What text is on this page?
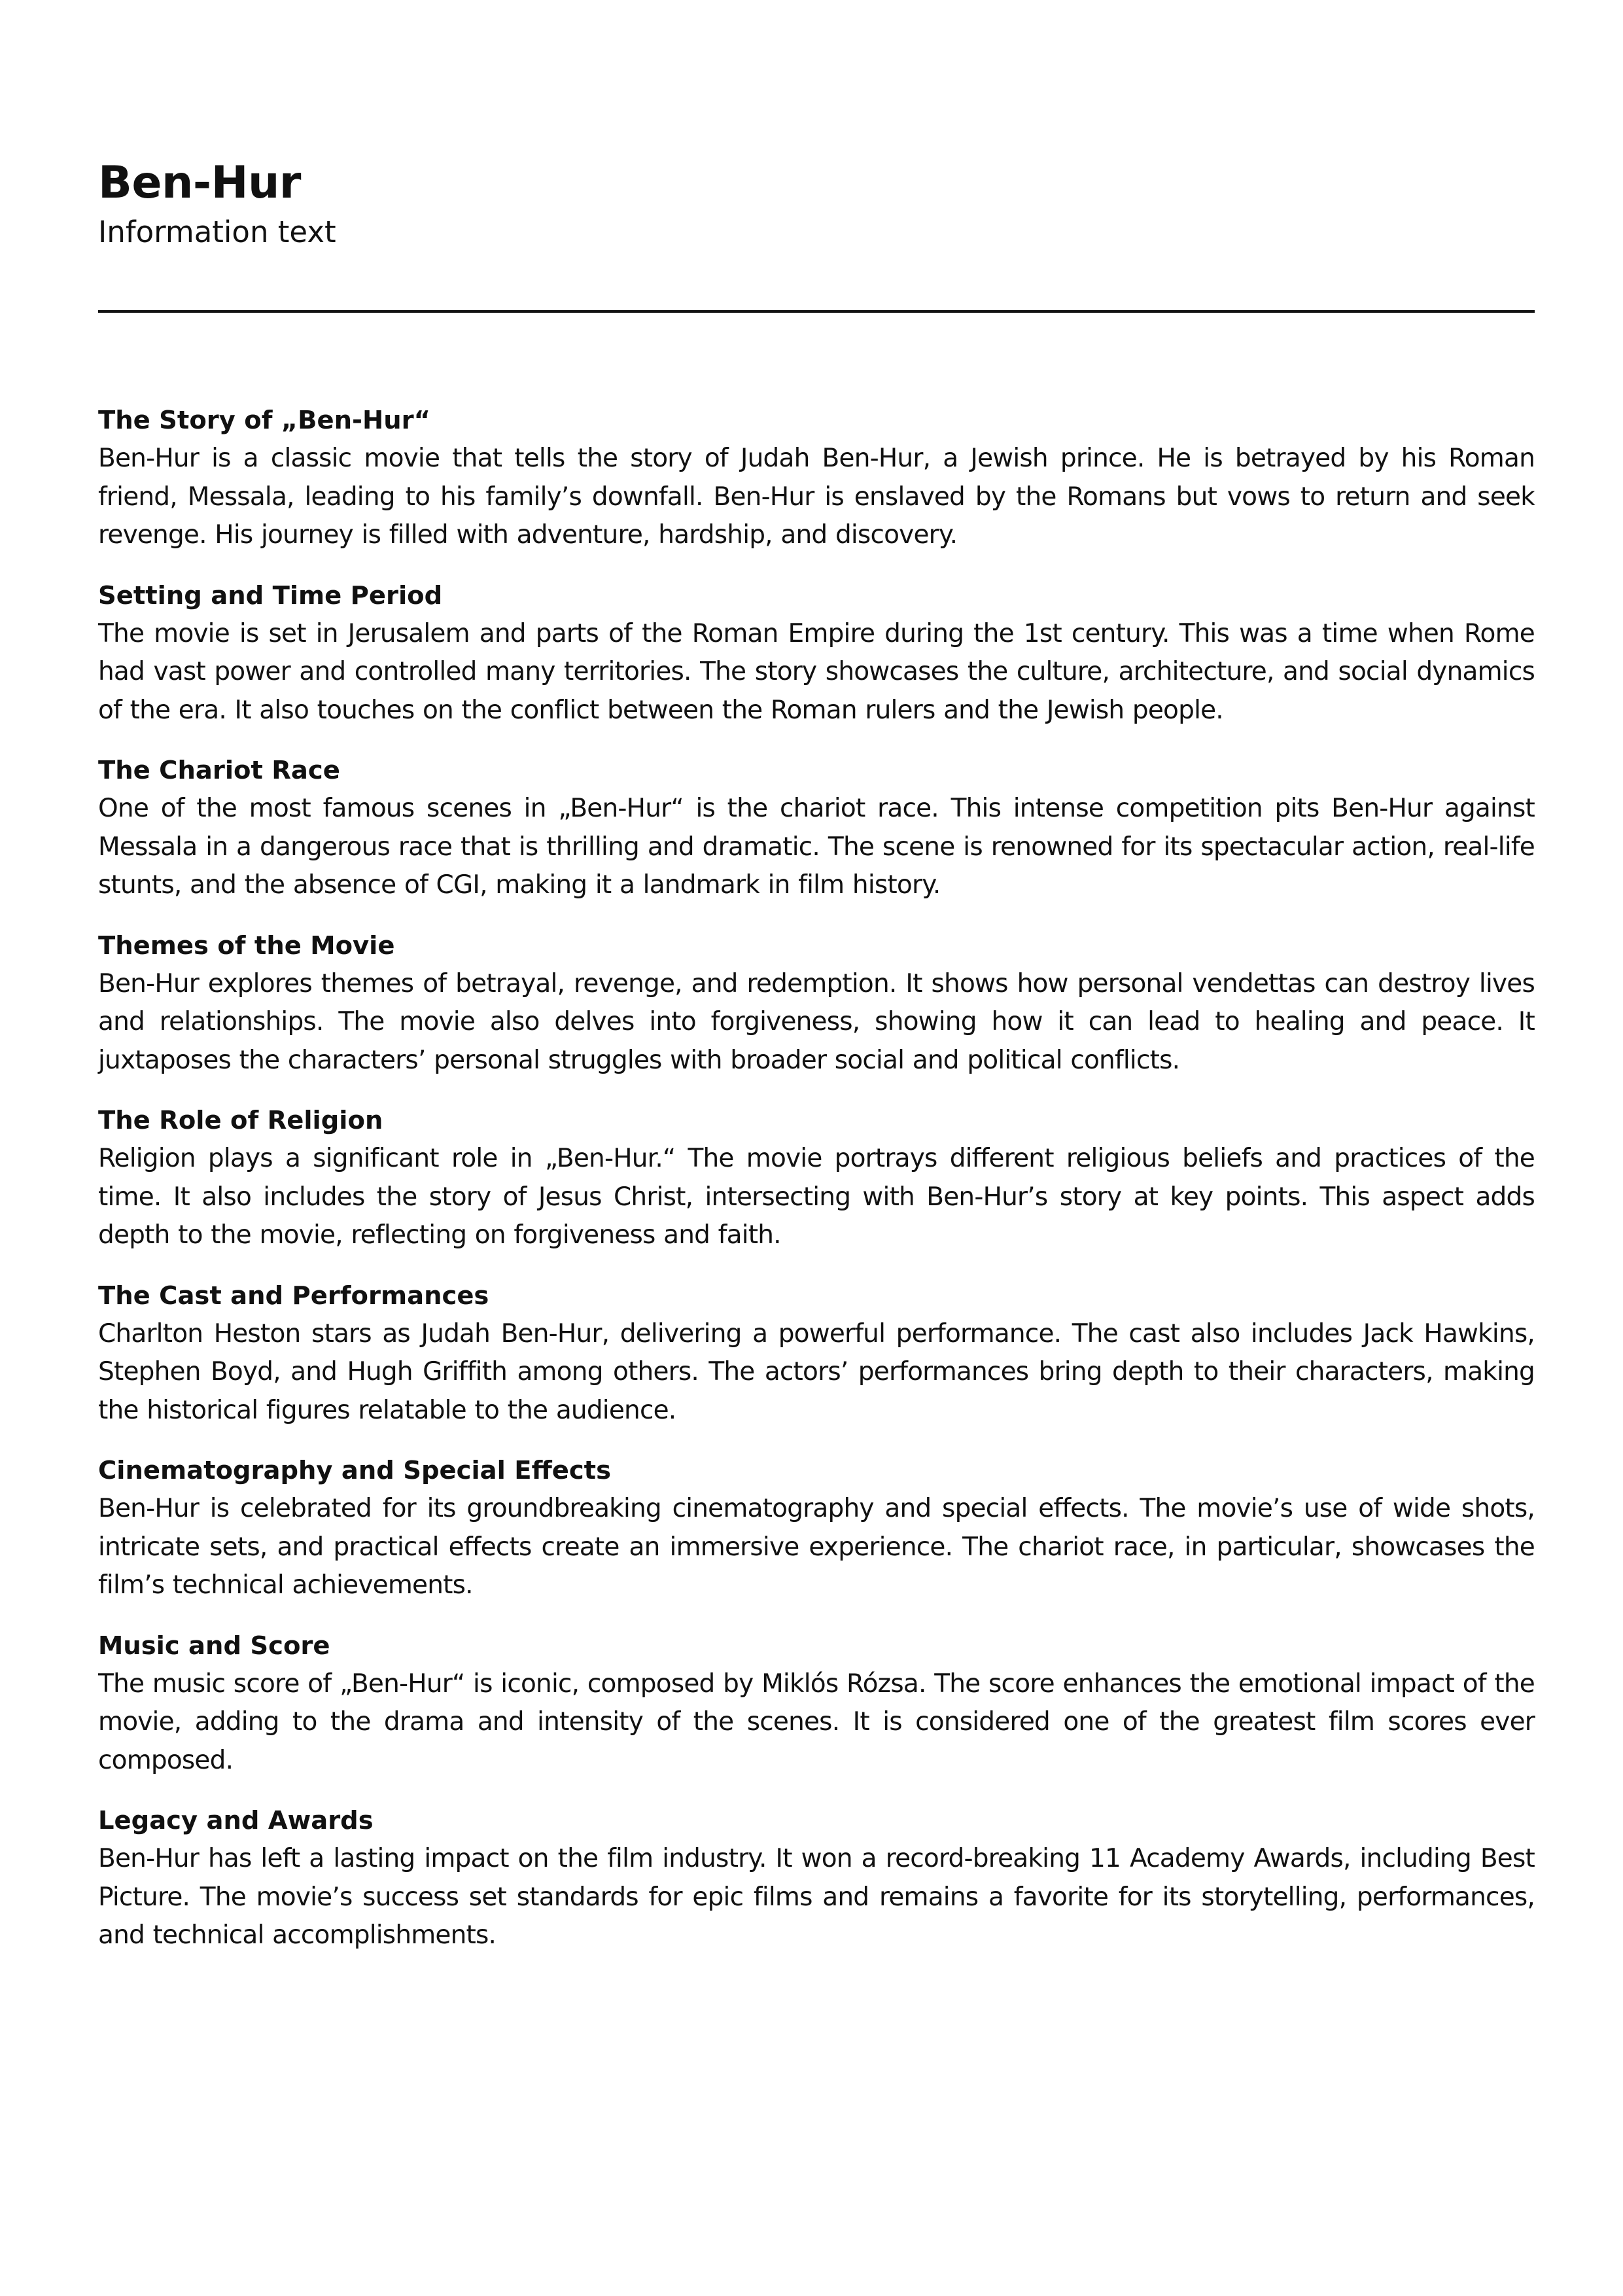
Ben-Hur

Information text

The Story of „Ben-Hur“

Ben-Hur is a classic movie that tells the story of Judah Ben-Hur, a Jewish prince. He is betrayed by his Roman friend, Messala, leading to his family’s downfall. Ben-Hur is enslaved by the Romans but vows to return and seek revenge. His journey is filled with adventure, hardship, and discovery.

Setting and Time Period

The movie is set in Jerusalem and parts of the Roman Empire during the 1st century. This was a time when Rome had vast power and controlled many territories. The story showcases the culture, architecture, and social dynamics of the era. It also touches on the conflict between the Roman rulers and the Jewish people.

The Chariot Race

One of the most famous scenes in „Ben-Hur“ is the chariot race. This intense competition pits Ben-Hur against Messala in a dangerous race that is thrilling and dramatic. The scene is renowned for its spectacular action, real-life stunts, and the absence of CGI, making it a landmark in film history.

Themes of the Movie

Ben-Hur explores themes of betrayal, revenge, and redemption. It shows how personal vendettas can destroy lives and relationships. The movie also delves into forgiveness, showing how it can lead to healing and peace. It juxtaposes the characters’ personal struggles with broader social and political conflicts.

The Role of Religion

Religion plays a significant role in „Ben-Hur.“ The movie portrays different religious beliefs and practices of the time. It also includes the story of Jesus Christ, intersecting with Ben-Hur’s story at key points. This aspect adds depth to the movie, reflecting on forgiveness and faith.

The Cast and Performances

Charlton Heston stars as Judah Ben-Hur, delivering a powerful performance. The cast also includes Jack Hawkins, Stephen Boyd, and Hugh Griffith among others. The actors’ performances bring depth to their characters, making the historical figures relatable to the audience.

Cinematography and Special Effects

Ben-Hur is celebrated for its groundbreaking cinematography and special effects. The movie’s use of wide shots, intricate sets, and practical effects create an immersive experience. The chariot race, in particular, showcases the film’s technical achievements.

Music and Score

The music score of „Ben-Hur“ is iconic, composed by Miklós Rózsa. The score enhances the emotional impact of the movie, adding to the drama and intensity of the scenes. It is considered one of the greatest film scores ever composed.

Legacy and Awards

Ben-Hur has left a lasting impact on the film industry. It won a record-breaking 11 Academy Awards, including Best Picture. The movie’s success set standards for epic films and remains a favorite for its storytelling, performances, and technical accomplishments.
